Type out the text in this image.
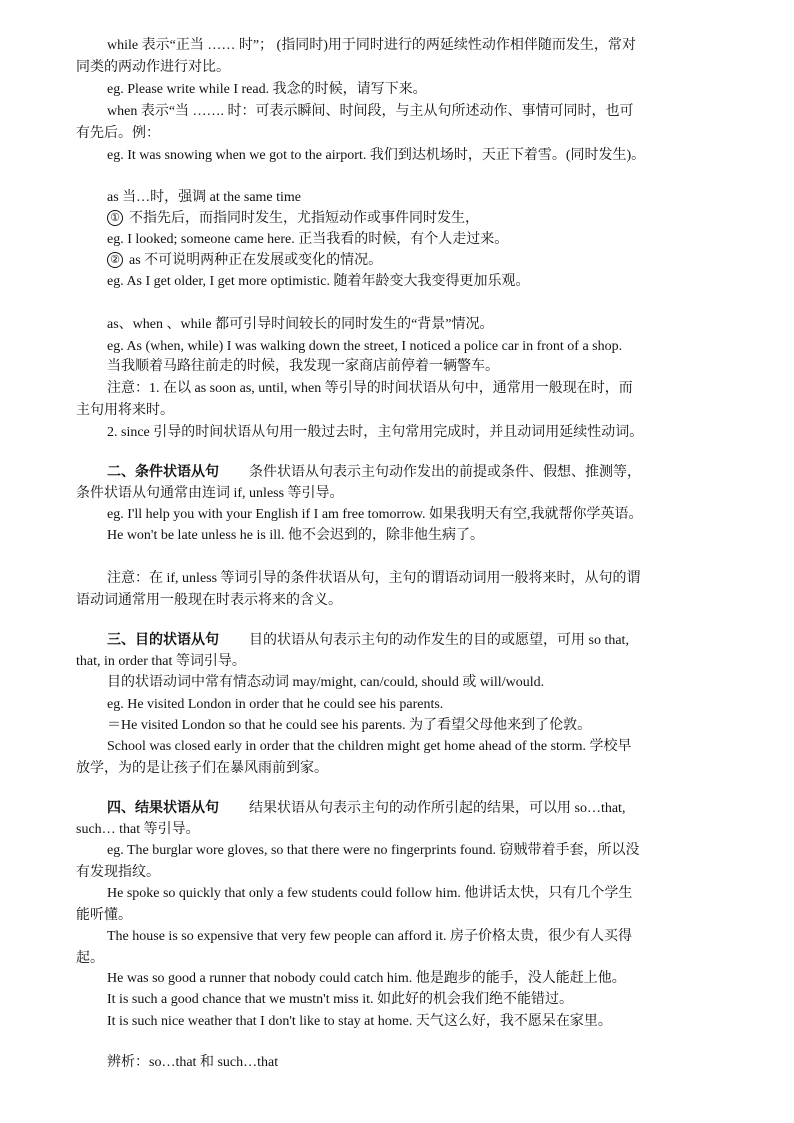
while 表示“正当 …… 时”； (指同时)用于同时进行的两延续性动作相伴随而发生，常对
同类的两动作进行对比。
eg. Please write while I read. 我念的时候，请写下来。
when 表示“当 ……. 时：可表示瞬间、时间段，与主从句所述动作、事情可同时，也可
有先后。例：
eg. It was snowing when we got to the airport. 我们到达机场时，天正下着雪。(同时发生)。
as 当…时，强调 at the same time
① 不指先后，而指同时发生，尤指短动作或事件同时发生，
eg. I looked; someone came here. 正当我看的时候，有个人走过来。
② as 不可说明两种正在发展或变化的情况。
eg. As I get older, I get more optimistic. 随着年龄变大我变得更加乐观。
as、when 、while 都可引导时间较长的同时发生的“背景”情况。
eg. As (when, while) I was walking down the street, I noticed a police car in front of a shop.
当我顺着马路往前走的时候，我发现一家商店前停着一辆警车。
注意：1. 在以 as soon as, until, when 等引导的时间状语从句中，通常用一般现在时，而
主句用将来时。
2. since 引导的时间状语从句用一般过去时，主句常用完成时，并且动词用延续性动词。
二、条件状语从句 条件状语从句表示主句动作发出的前提或条件、假想、推测等，
条件状语从句通常由连词 if, unless 等引导。
eg. I'll help you with your English if I am free tomorrow. 如果我明天有空,我就帮你学英语。
He won't be late unless he is ill. 他不会迟到的，除非他生病了。
注意：在 if, unless 等词引导的条件状语从句，主句的谓语动词用一般将来时，从句的谓
语动词通常用一般现在时表示将来的含义。
三、目的状语从句 目的状语从句表示主句的动作发生的目的或愿望，可用 so that,
that, in order that 等词引导。
目的状语动词中常有情态动词 may/might, can/could, should 或 will/would.
eg. He visited London in order that he could see his parents.
＝He visited London so that he could see his parents. 为了看望父母他来到了伦敦。
School was closed early in order that the children might get home ahead of the storm. 学校早
放学，为的是让孩子们在暴风雨前到家。
四、结果状语从句 结果状语从句表示主句的动作所引起的结果，可以用 so…that,
such… that 等引导。
eg. The burglar wore gloves, so that there were no fingerprints found. 窃贼带着手套，所以没
有发现指纹。
He spoke so quickly that only a few students could follow him. 他讲话太快，只有几个学生
能听懂。
The house is so expensive that very few people can afford it. 房子价格太贵，很少有人买得
起。
He was so good a runner that nobody could catch him. 他是跑步的能手，没人能赶上他。
It is such a good chance that we mustn't miss it. 如此好的机会我们绝不能错过。
It is such nice weather that I don't like to stay at home. 天气这么好，我不愿呆在家里。
辨析：so…that 和 such…that
